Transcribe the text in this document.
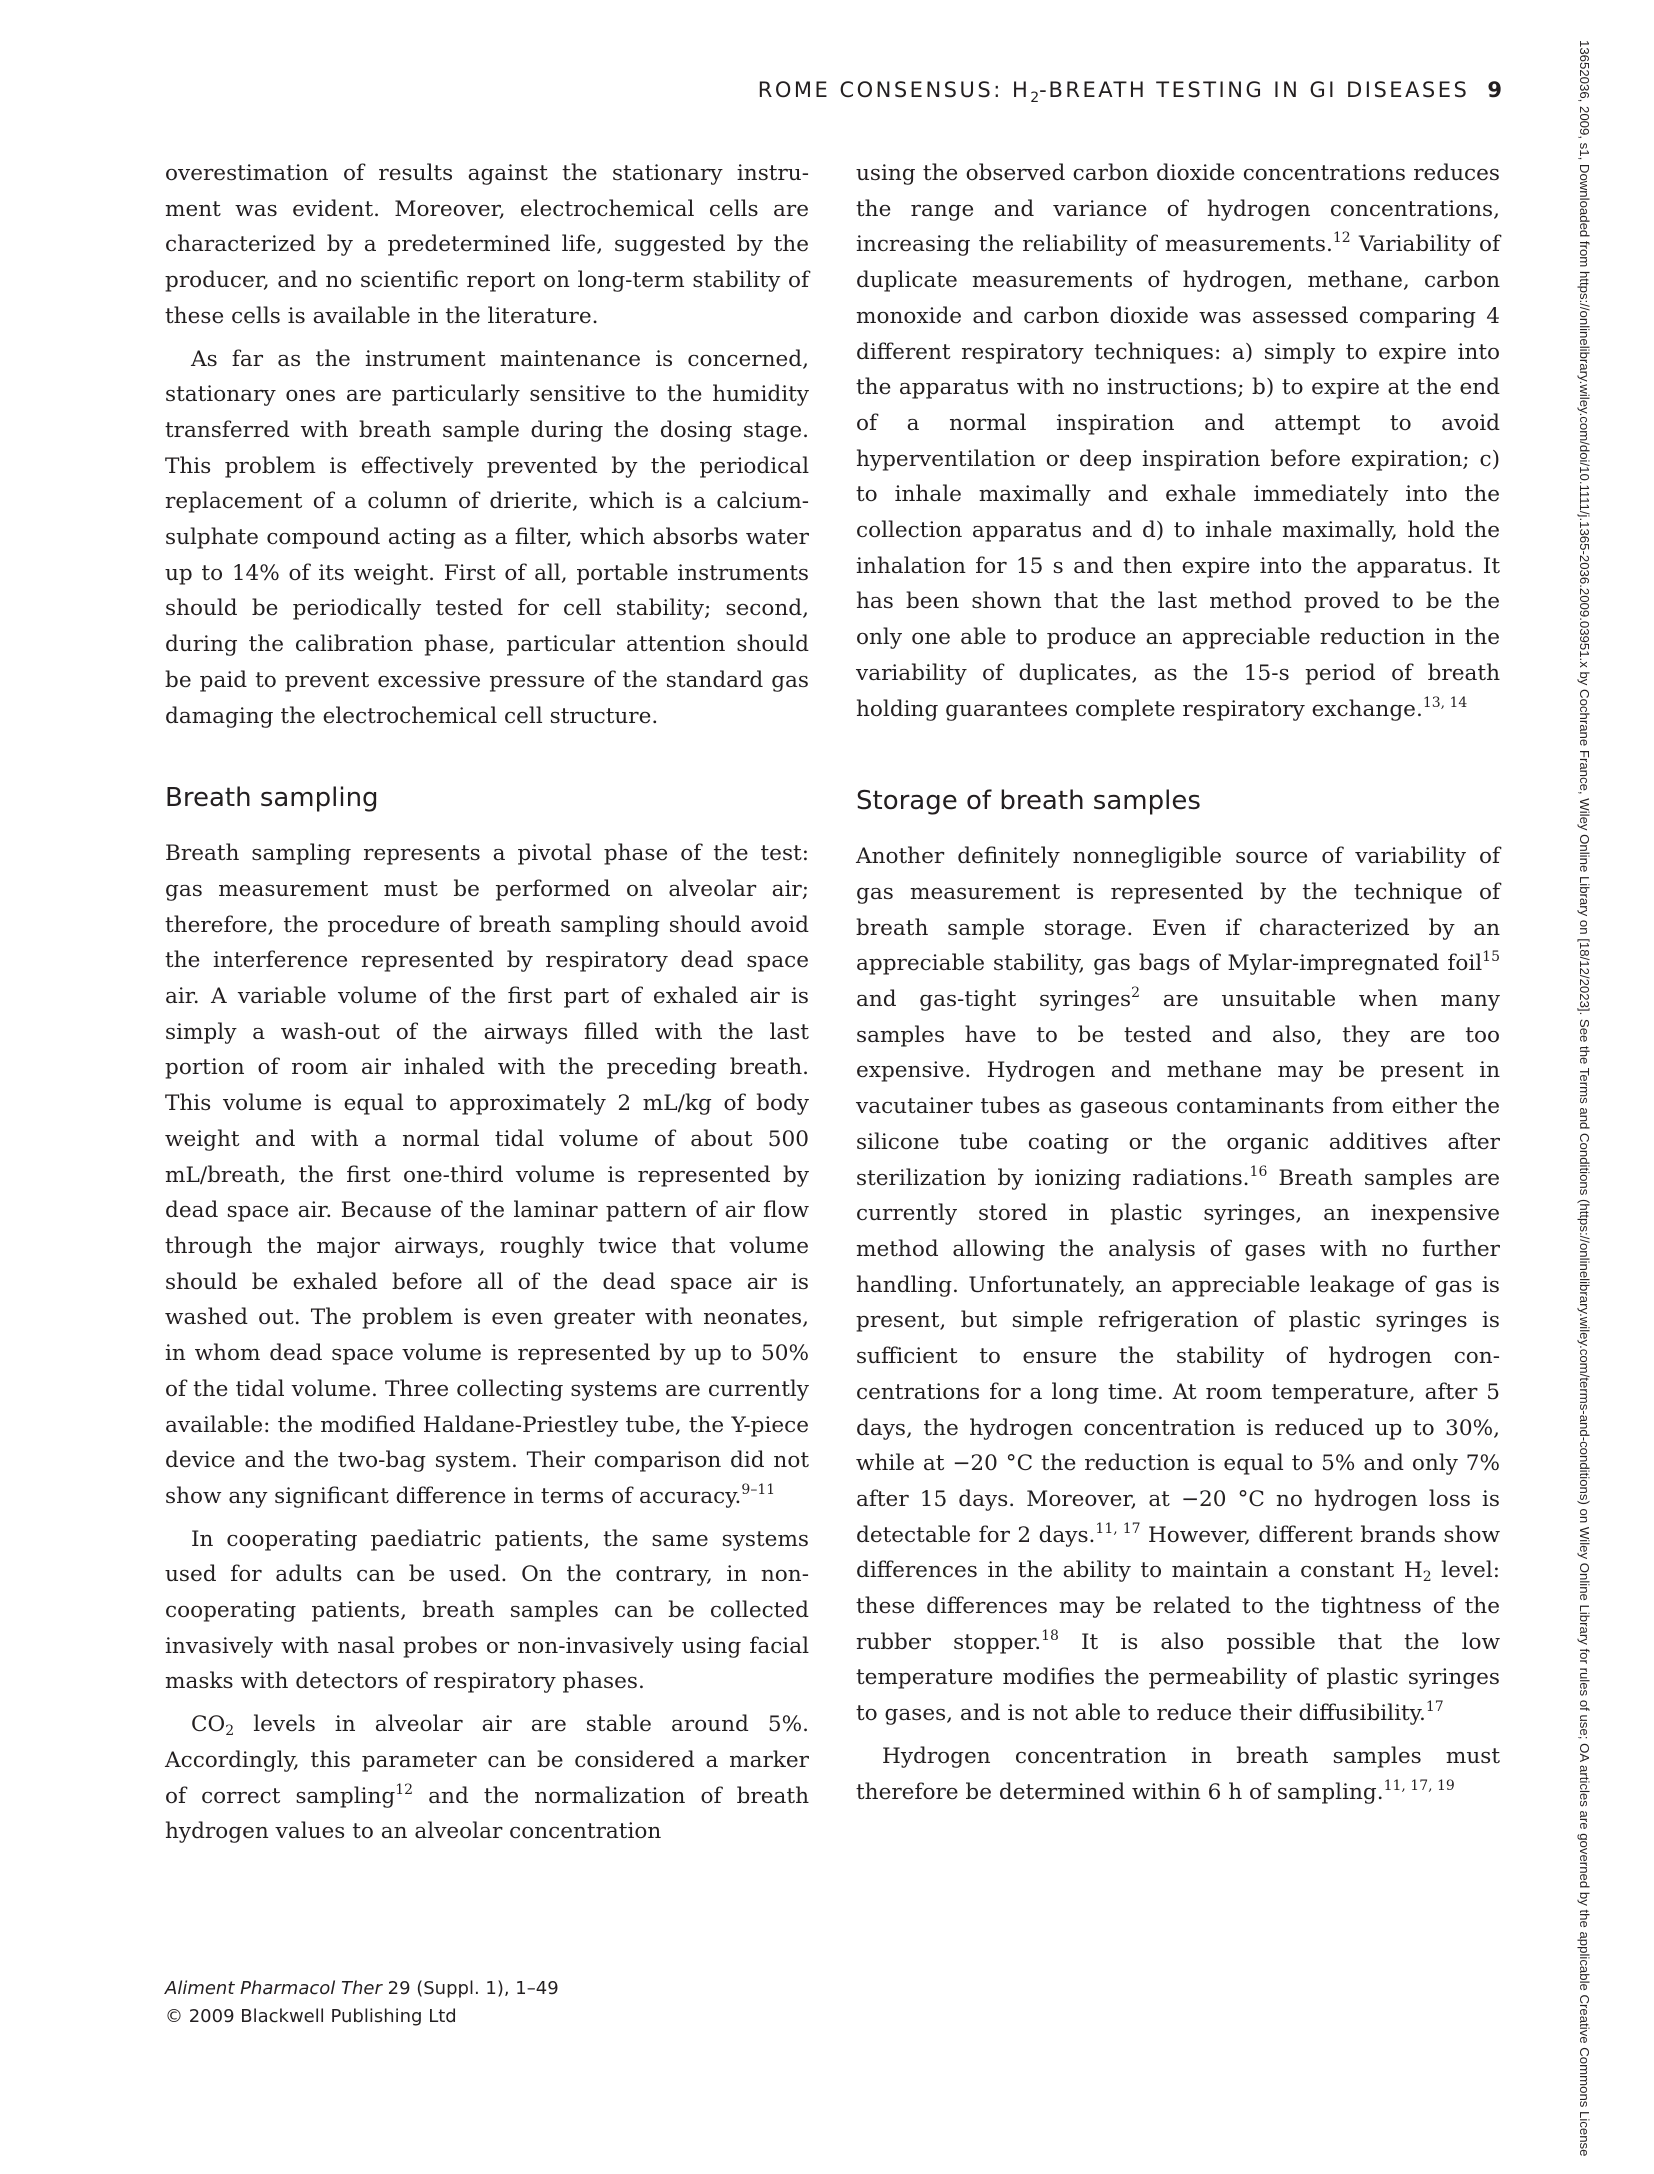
ROME CONSENSUS: $H_2$-BREATH TESTING IN GI DISEASES 9

overestimation of results against the stationary instrument was evident. Moreover, electrochemical cells are characterized by a predetermined life, suggested by the producer, and no scientific report on long-term stability of these cells is available in the literature.

As far as the instrument maintenance is concerned, stationary ones are particularly sensitive to the humidity transferred with breath sample during the dosing stage. This problem is effectively prevented by the periodical replacement of a column of drierite, which is a calcium-sulphate compound acting as a filter, which absorbs water up to 14% of its weight. First of all, portable instruments should be periodically tested for cell stability; second, during the calibration phase, particular attention should be paid to prevent excessive pressure of the standard gas damaging the electrochemical cell structure.

Breath sampling

Breath sampling represents a pivotal phase of the test: gas measurement must be performed on alveolar air; therefore, the procedure of breath sampling should avoid the interference represented by respiratory dead space air. A variable volume of the first part of exhaled air is simply a wash-out of the airways filled with the last portion of room air inhaled with the preceding breath. This volume is equal to approximately 2 mL/kg of body weight and with a normal tidal volume of about 500 mL/breath, the first one-third volume is represented by dead space air. Because of the laminar pattern of air flow through the major airways, roughly twice that volume should be exhaled before all of the dead space air is washed out. The problem is even greater with neonates, in whom dead space volume is represented by up to 50% of the tidal volume. Three collecting systems are currently available: the modified Haldane-Priestley tube, the Y-piece device and the two-bag system. Their comparison did not show any significant difference in terms of accuracy.$^{9-11}$

In cooperating paediatric patients, the same systems used for adults can be used. On the contrary, in noncooperating patients, breath samples can be collected invasively with nasal probes or non-invasively using facial masks with detectors of respiratory phases.

$CO_2$ levels in alveolar air are stable around 5%. Accordingly, this parameter can be considered a marker of correct sampling$^{12}$ and the normalization of breath hydrogen values to an alveolar concentration

using the observed carbon dioxide concentrations reduces the range and variance of hydrogen concentrations, increasing the reliability of measurements.$^{12}$ Variability of duplicate measurements of hydrogen, methane, carbon monoxide and carbon dioxide was assessed comparing 4 different respiratory techniques: a) simply to expire into the apparatus with no instructions; b) to expire at the end of a normal inspiration and attempt to avoid hyperventilation or deep inspiration before expiration; c) to inhale maximally and exhale immediately into the collection apparatus and d) to inhale maximally, hold the inhalation for 15 s and then expire into the apparatus. It has been shown that the last method proved to be the only one able to produce an appreciable reduction in the variability of duplicates, as the 15-s period of breath holding guarantees complete respiratory exchange.$^{13, 14}$

Storage of breath samples

Another definitely nonnegligible source of variability of gas measurement is represented by the technique of breath sample storage. Even if characterized by an appreciable stability, gas bags of Mylar-impregnated foil$^{15}$ and gas-tight syringes$^2$ are unsuitable when many samples have to be tested and also, they are too expensive. Hydrogen and methane may be present in vacutainer tubes as gaseous contaminants from either the silicone tube coating or the organic additives after sterilization by ionizing radiations.$^{16}$ Breath samples are currently stored in plastic syringes, an inexpensive method allowing the analysis of gases with no further handling. Unfortunately, an appreciable leakage of gas is present, but simple refrigeration of plastic syringes is sufficient to ensure the stability of hydrogen concentrations for a long time. At room temperature, after 5 days, the hydrogen concentration is reduced up to 30%, while at −20 °C the reduction is equal to 5% and only 7% after 15 days. Moreover, at −20 °C no hydrogen loss is detectable for 2 days.$^{11, 17}$ However, different brands show differences in the ability to maintain a constant $H_2$ level: these differences may be related to the tightness of the rubber stopper.$^{18}$ It is also possible that the low temperature modifies the permeability of plastic syringes to gases, and is not able to reduce their diffusibility.$^{17}$

Hydrogen concentration in breath samples must therefore be determined within 6 h of sampling.$^{11, 17, 19}$

Aliment Pharmacol Ther 29 (Suppl. 1), 1–49
© 2009 Blackwell Publishing Ltd	13652036, 2009, s1, Downloaded from https://onlinelibrary.wiley.com/doi/10.1111/j.1365-2036.2009.03951.x by Cochrane France, Wiley Online Library on [18/12/2023]. See the Terms and Conditions (https://onlinelibrary.wiley.com/terms-and-conditions) on Wiley Online Library for rules of use; OA articles are governed by the applicable Creative Commons License
